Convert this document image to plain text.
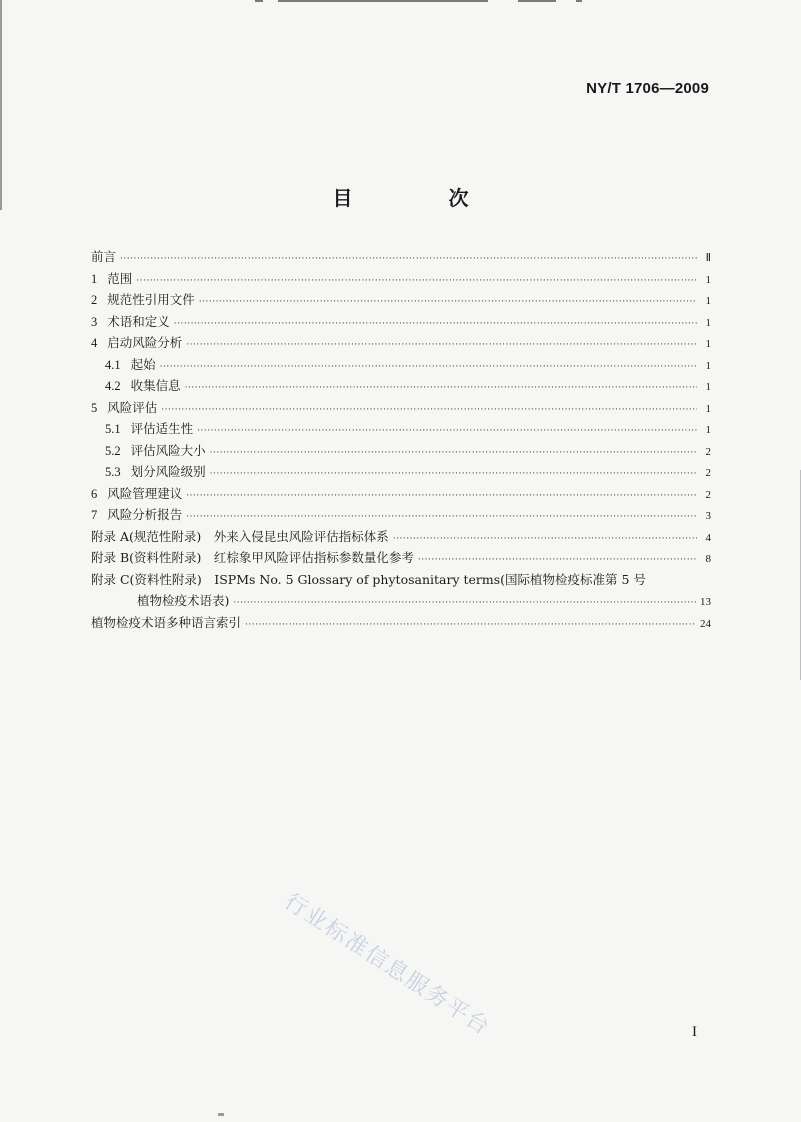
NY/T 1706—2009
目　次
前言 ·····	Ⅱ
1 范围 ·····	1
2 规范性引用文件 ·····	1
3 术语和定义 ·····	1
4 启动风险分析 ·····	1
4.1 起始 ·····	1
4.2 收集信息 ·····	1
5 风险评估 ·····	1
5.1 评估适生性 ·····	1
5.2 评估风险大小 ·····	2
5.3 划分风险级别 ·····	2
6 风险管理建议 ·····	2
7 风险分析报告 ·····	3
附录 A(规范性附录)　外来入侵昆虫风险评估指标体系 ·····	4
附录 B(资料性附录)　红棕象甲风险评估指标参数量化参考 ·····	8
附录 C(资料性附录)　ISPMs No. 5 Glossary of phytosanitary terms(国际植物检疫标准第 5 号
植物检疫术语表) ·····	13
植物检疫术语多种语言索引 ·····	24
行业标准信息服务平台	I
